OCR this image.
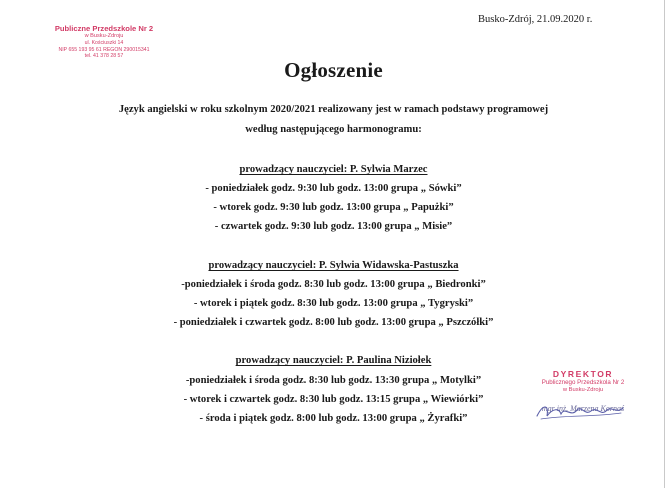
Publiczne Przedszkole Nr 2
w Busku-Zdroju
ul. Kościuszki 14
NIP 655 193 95 61 REGON 290015341
tel. 41 378 28 57
Busko-Zdrój, 21.09.2020 r.
Ogłoszenie
Język angielski w roku szkolnym 2020/2021 realizowany jest w ramach podstawy programowej
według następującego harmonogramu:
prowadzący nauczyciel: P. Sylwia Marzec
- poniedziałek godz. 9:30 lub godz. 13:00 grupa „ Sówki”
- wtorek godz. 9:30 lub godz. 13:00 grupa „ Papużki”
- czwartek godz. 9:30 lub godz. 13:00 grupa „ Misie”
prowadzący nauczyciel: P. Sylwia Widawska-Pastuszka
-poniedziałek i środa godz. 8:30 lub godz. 13:00 grupa „ Biedronki”
- wtorek i piątek godz. 8:30 lub godz. 13:00 grupa „ Tygryski”
- poniedziałek i czwartek godz. 8:00 lub godz. 13:00 grupa „ Pszczółki”
prowadzący nauczyciel: P. Paulina Niziołek
-poniedziałek i środa godz. 8:30 lub godz. 13:30 grupa „ Motylki”
- wtorek i czwartek godz. 8:30 lub godz. 13:15 grupa „ Wiewiórki”
- środa i piątek godz. 8:00 lub godz. 13:00 grupa „ Żyrafki”
DYREKTOR
Publicznego Przedszkola Nr 2
w Busku-Zdroju
mgr inż. Marzena Kornaś
